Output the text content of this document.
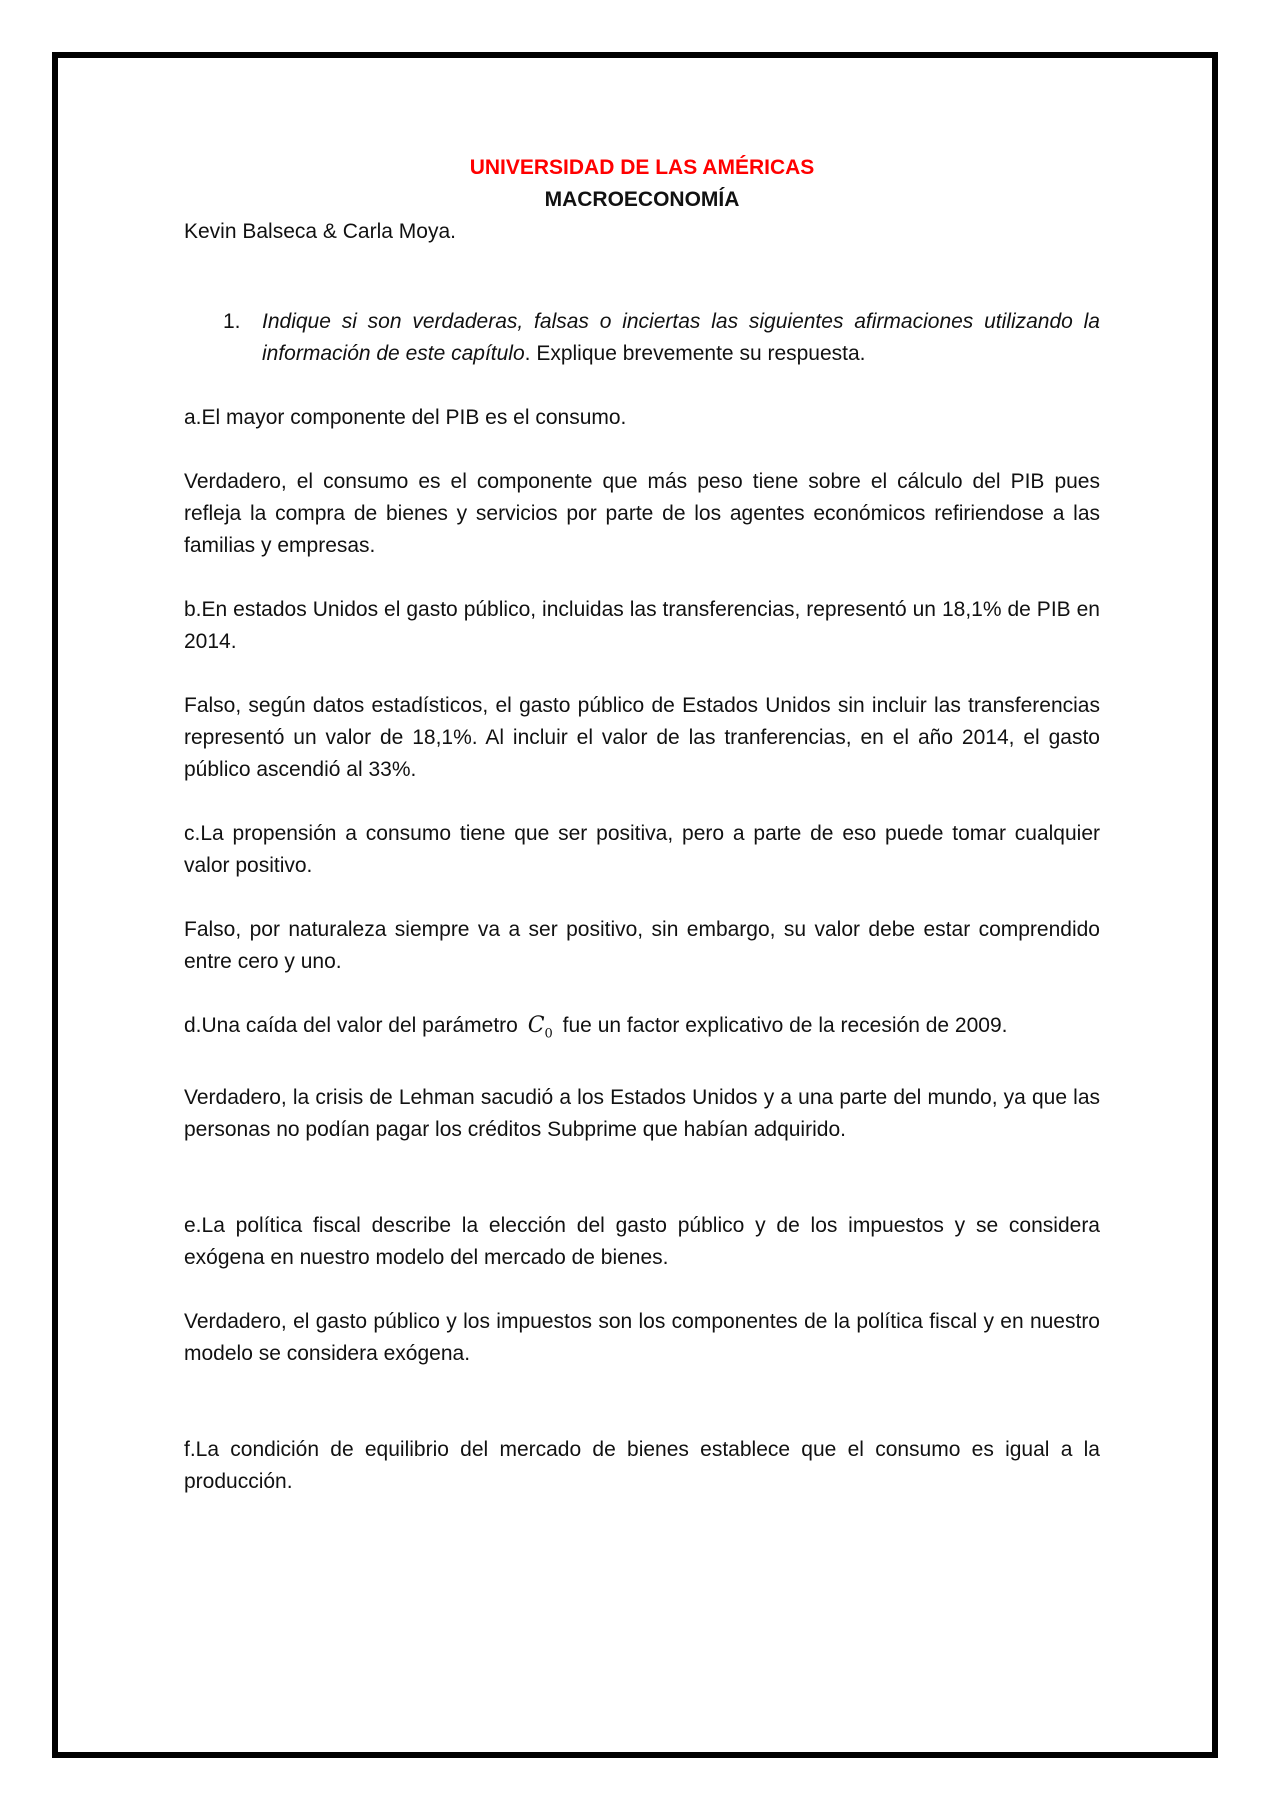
UNIVERSIDAD DE LAS AMÉRICAS
MACROECONOMÍA

Kevin Balseca & Carla Moya.

1.	Indique si son verdaderas, falsas o inciertas las siguientes afirmaciones utilizando la información de este capítulo. Explique brevemente su respuesta.

a.El mayor componente del PIB es el consumo.

Verdadero, el consumo es el componente que más peso tiene sobre el cálculo del PIB pues refleja la compra de bienes y servicios por parte de los agentes económicos refiriendose a las familias y empresas.

b.En estados Unidos el gasto público, incluidas las transferencias, representó un 18,1% de PIB en 2014.

Falso, según datos estadísticos, el gasto público de Estados Unidos sin incluir las transferencias representó un valor de 18,1%. Al incluir el valor de las tranferencias, en el año 2014, el gasto público ascendió al 33%.

c.La propensión a consumo tiene que ser positiva, pero a parte de eso puede tomar cualquier valor positivo.

Falso, por naturaleza siempre va a ser positivo, sin embargo, su valor debe estar comprendido entre cero y uno.

d.Una caída del valor del parámetro $C_0$ fue un factor explicativo de la recesión de 2009.

Verdadero, la crisis de Lehman sacudió a los Estados Unidos y a una parte del mundo, ya que las personas no podían pagar los créditos Subprime que habían adquirido.

e.La política fiscal describe la elección del gasto público y de los impuestos y se considera exógena en nuestro modelo del mercado de bienes.

Verdadero, el gasto público y los impuestos son los componentes de la política fiscal y en nuestro modelo se considera exógena.

f.La condición de equilibrio del mercado de bienes establece que el consumo es igual a la producción.
